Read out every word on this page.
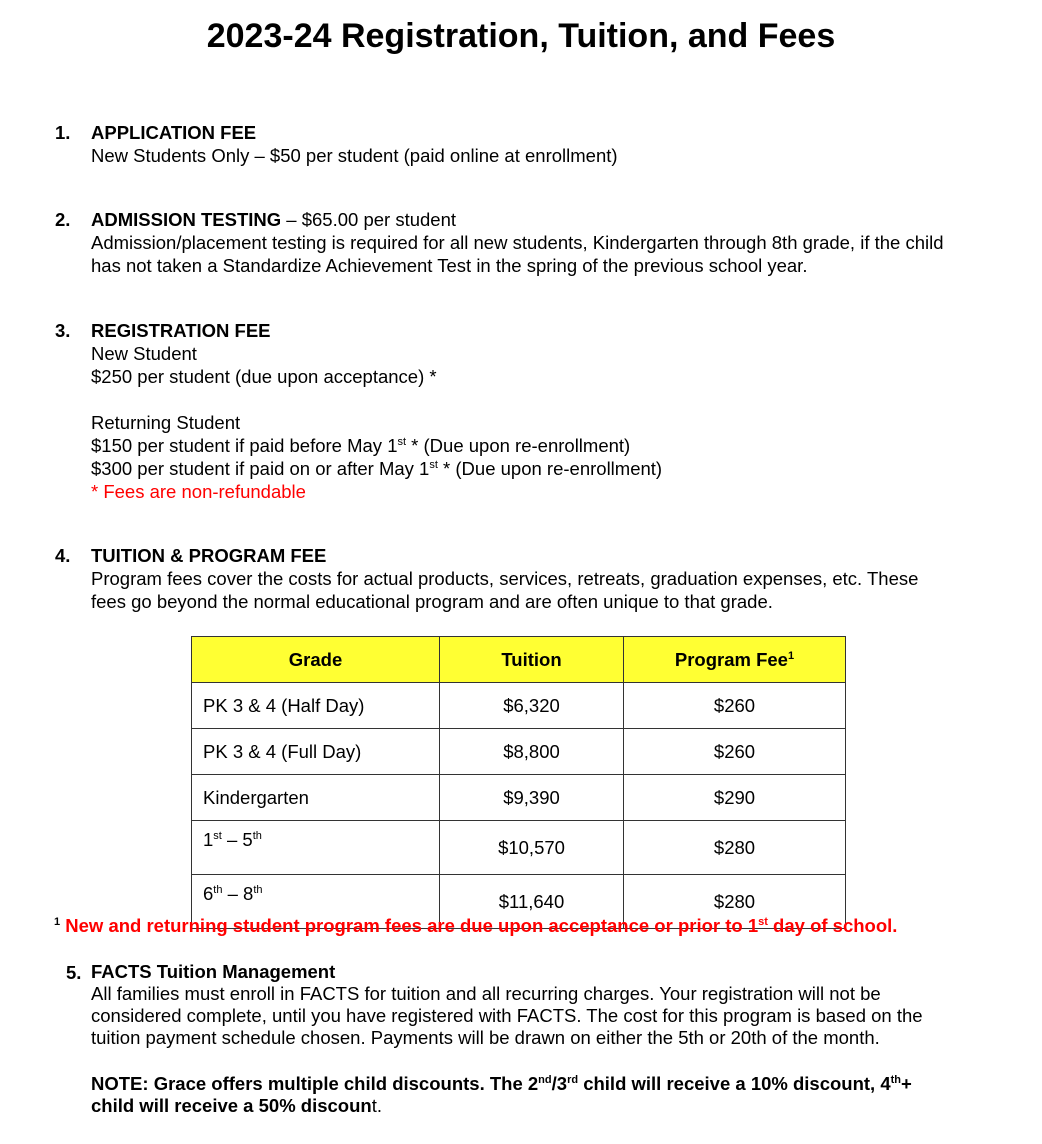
2023-24 Registration, Tuition, and Fees
1. APPLICATION FEE
New Students Only – $50 per student (paid online at enrollment)
2. ADMISSION TESTING – $65.00 per student
Admission/placement testing is required for all new students, Kindergarten through 8th grade, if the child
has not taken a Standardize Achievement Test in the spring of the previous school year.
3. REGISTRATION FEE
New Student
$250 per student (due upon acceptance) *
Returning Student
$150 per student if paid before May 1st * (Due upon re-enrollment)
$300 per student if paid on or after May 1st * (Due upon re-enrollment)
* Fees are non-refundable
4. TUITION & PROGRAM FEE
Program fees cover the costs for actual products, services, retreats, graduation expenses, etc. These
fees go beyond the normal educational program and are often unique to that grade.
Grade	Tuition	Program Fee$^1$
PK 3 & 4 (Half Day)	$6,320	$260
PK 3 & 4 (Full Day)	$8,800	$260
Kindergarten	$9,390	$290
1st – 5th	$10,570	$280
6th – 8th	$11,640	$280
$^1$ New and returning student program fees are due upon acceptance or prior to 1st day of school.
5. FACTS Tuition Management
All families must enroll in FACTS for tuition and all recurring charges. Your registration will not be
considered complete, until you have registered with FACTS. The cost for this program is based on the
tuition payment schedule chosen. Payments will be drawn on either the 5th or 20th of the month.
NOTE: Grace offers multiple child discounts. The 2nd/3rd child will receive a 10% discount, 4th+
child will receive a 50% discount.
